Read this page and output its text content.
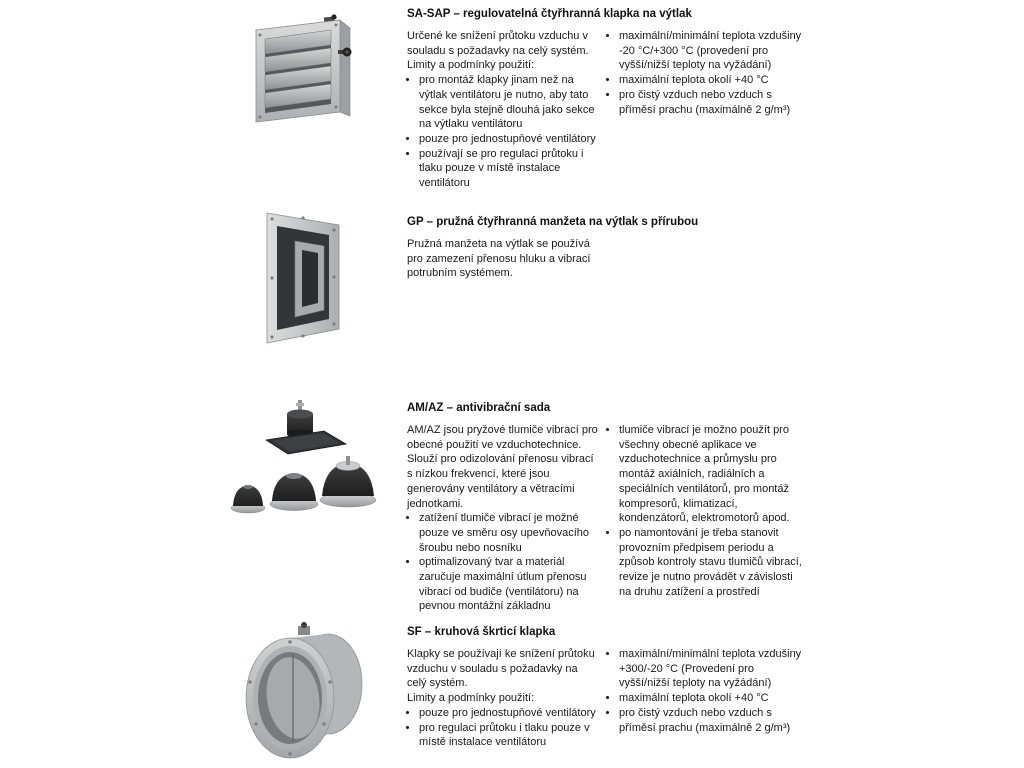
SA-SAP – regulovatelná čtyřhranná klapka na výtlak

Určené ke snížení průtoku vzduchu v souladu s požadavky na celý systém.

Limity a podmínky použití:

• pro montáž klapky jinam než na výtlak ventilátoru je nutno, aby tato sekce byla stejně dlouhá jako sekce na výtlaku ventilátoru
• pouze pro jednostupňové ventilátory
• používají se pro regulaci průtoku i tlaku pouze v místě instalace ventilátoru
• maximální/minimální teplota vzdušiny -20 °C/+300 °C (provedení pro vyšší/nižší teploty na vyžádání)
• maximální teplota okolí +40 °C
• pro čistý vzduch nebo vzduch s příměsí prachu (maximálně 2 g/m³)
GP – pružná čtyřhranná manžeta na výtlak s přírubou

Pružná manžeta na výtlak se používá pro zamezení přenosu hluku a vibrací potrubním systémem.

AM/AZ – antivibrační sada

AM/AZ jsou pryžové tlumiče vibrací pro obecné použití ve vzduchotechnice. Slouží pro odizolování přenosu vibrací s nízkou frekvencí, které jsou generovány ventilátory a větracími jednotkami.

• zatížení tlumiče vibrací je možné pouze ve směru osy upevňovacího šroubu nebo nosníku
• optimalizovaný tvar a materiál zaručuje maximální útlum přenosu vibrací od budiče (ventilátoru) na pevnou montážní základnu
• tlumiče vibrací je možno použít pro všechny obecné aplikace ve vzduchotechnice a průmyslu pro montáž axiálních, radiálních a speciálních ventilátorů, pro montáž kompresorů, klimatizací, kondenzátorů, elektromotorů apod.
• po namontování je třeba stanovit provozním předpisem periodu a způsob kontroly stavu tlumičů vibrací, revize je nutno provádět v závislosti na druhu zatížení a prostředí
SF – kruhová škrticí klapka

Klapky se používají ke snížení průtoku vzduchu v souladu s požadavky na celý systém.

Limity a podmínky použití:

• pouze pro jednostupňové ventilátory
• pro regulaci průtoku i tlaku pouze v místě instalace ventilátoru
• maximální/minimální teplota vzdušiny +300/-20 °C (Provedení pro vyšší/nižší teploty na vyžádání)
• maximální teplota okolí +40 °C
• pro čistý vzduch nebo vzduch s příměsí prachu (maximálně 2 g/m³)
